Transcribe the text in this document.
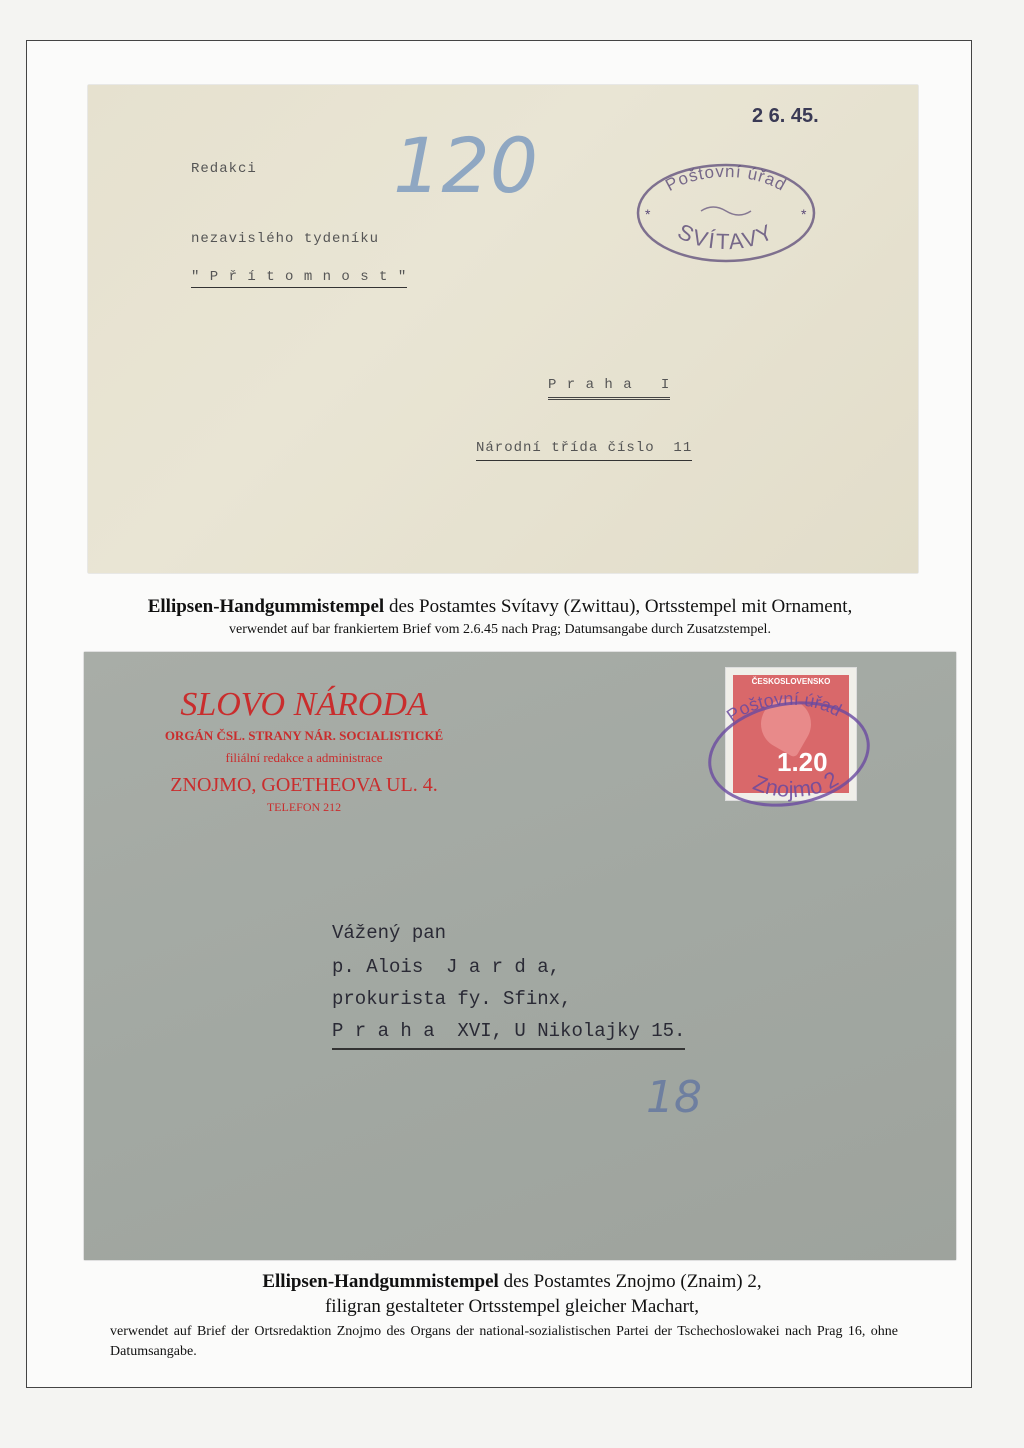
2 6. 45.
120
Redakci
nezavislého tydeníku
" P ř í t o m n o s t "
P r a h a   I
Národní třída číslo  11
Poštovní úřad
SVÍTAVY
*	*
Ellipsen-Handgummistempel des Postamtes Svítavy (Zwittau), Ortsstempel mit Ornament,
verwendet auf bar frankiertem Brief vom 2.6.45 nach Prag; Datumsangabe durch Zusatzstempel.
SLOVO NÁRODA
ORGÁN ČSL. STRANY NÁR. SOCIALISTICKÉ
filiální redakce a administrace
ZNOJMO, GOETHEOVA UL. 4.
TELEFON 212
ČESKOSLOVENSKO
1.20
Poštovní úřad
Znojmo 2
Vážený pan
p. Alois  J a r d a,
prokurista fy. Sfinx,
P r a h a  XVI, U Nikolajky 15.
18
Ellipsen-Handgummistempel des Postamtes Znojmo (Znaim) 2,
filigran gestalteter Ortsstempel gleicher Machart,
verwendet auf Brief der Ortsredaktion Znojmo des Organs der national-sozialistischen Partei der Tschechoslowakei nach Prag 16, ohne Datumsangabe.
